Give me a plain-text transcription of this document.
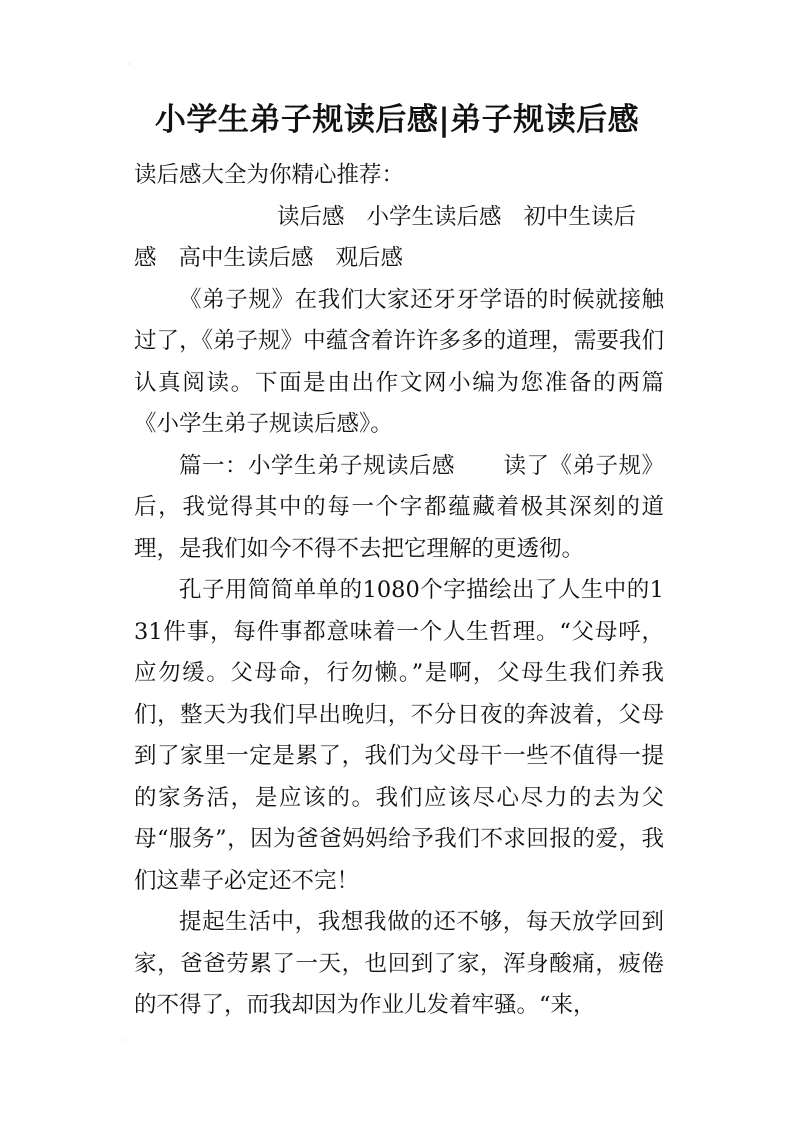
小学生弟子规读后感|弟子规读后感

读后感大全为你精心推荐：

读后感 小学生读后感 初中生读后

感 高中生读后感 观后感

《弟子规》在我们大家还牙牙学语的时候就接触过了，《弟子规》中蕴含着许许多多的道理，需要我们认真阅读。下面是由出作文网小编为您准备的两篇《小学生弟子规读后感》。

篇一：小学生弟子规读后感 读了《弟子规》后，我觉得其中的每一个字都蕴藏着极其深刻的道理，是我们如今不得不去把它理解的更透彻。

孔子用简简单单的1080个字描绘出了人生中的131件事，每件事都意味着一个人生哲理。“父母呼，应勿缓。父母命，行勿懒。”是啊，父母生我们养我们，整天为我们早出晚归，不分日夜的奔波着，父母到了家里一定是累了，我们为父母干一些不值得一提的家务活，是应该的。我们应该尽心尽力的去为父母“服务”，因为爸爸妈妈给予我们不求回报的爱，我们这辈子必定还不完！

提起生活中，我想我做的还不够，每天放学回到家，爸爸劳累了一天，也回到了家，浑身酸痛，疲倦的不得了，而我却因为作业儿发着牢骚。“来，

·
·
